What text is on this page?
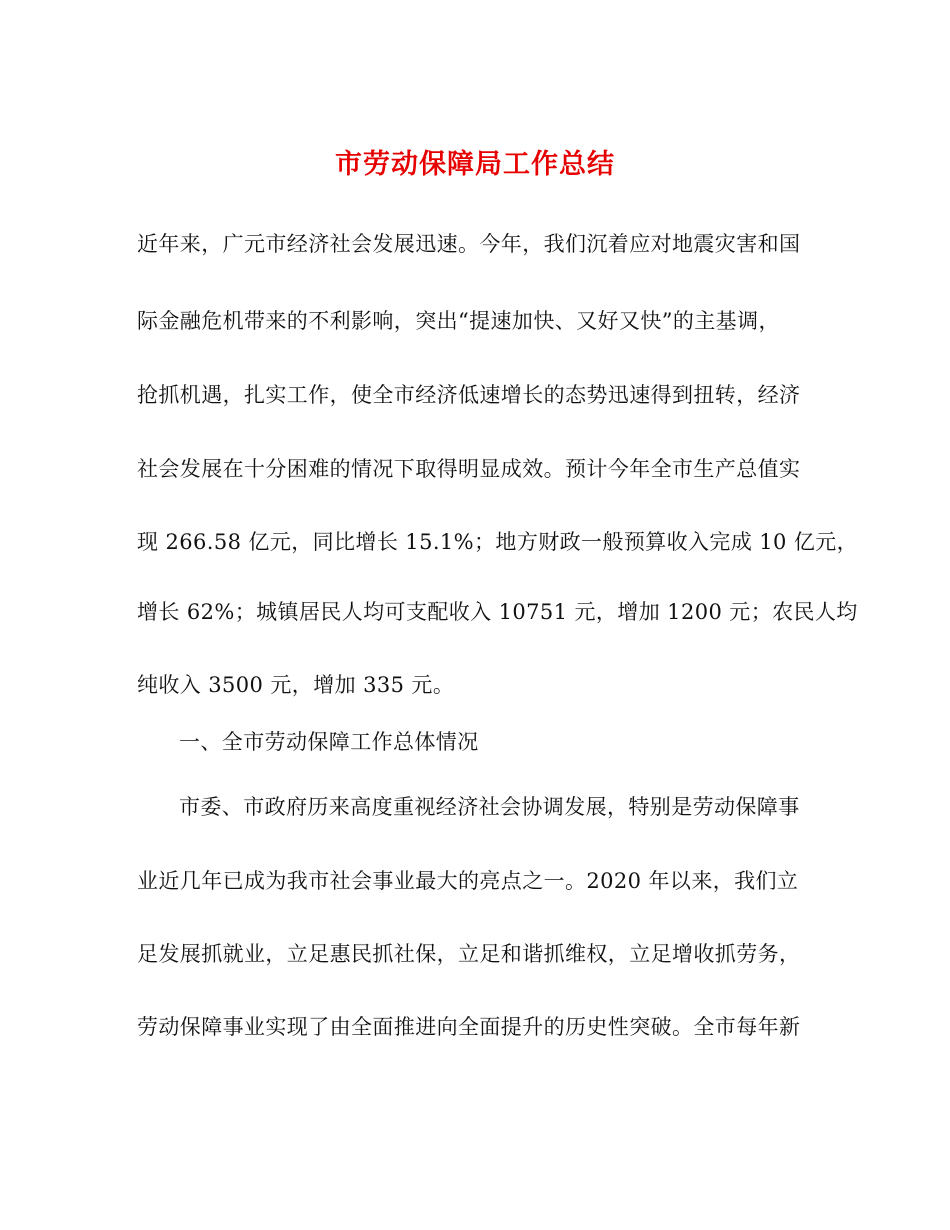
市劳动保障局工作总结
近年来，广元市经济社会发展迅速。今年，我们沉着应对地震灾害和国
际金融危机带来的不利影响，突出“提速加快、又好又快”的主基调，
抢抓机遇，扎实工作，使全市经济低速增长的态势迅速得到扭转，经济
社会发展在十分困难的情况下取得明显成效。预计今年全市生产总值实
现 266.58 亿元，同比增长 15.1%；地方财政一般预算收入完成 10 亿元，
增长 62%；城镇居民人均可支配收入 10751 元，增加 1200 元；农民人均
纯收入 3500 元，增加 335 元。
一、全市劳动保障工作总体情况
市委、市政府历来高度重视经济社会协调发展，特别是劳动保障事
业近几年已成为我市社会事业最大的亮点之一。2020 年以来，我们立
足发展抓就业，立足惠民抓社保，立足和谐抓维权，立足增收抓劳务，
劳动保障事业实现了由全面推进向全面提升的历史性突破。全市每年新
